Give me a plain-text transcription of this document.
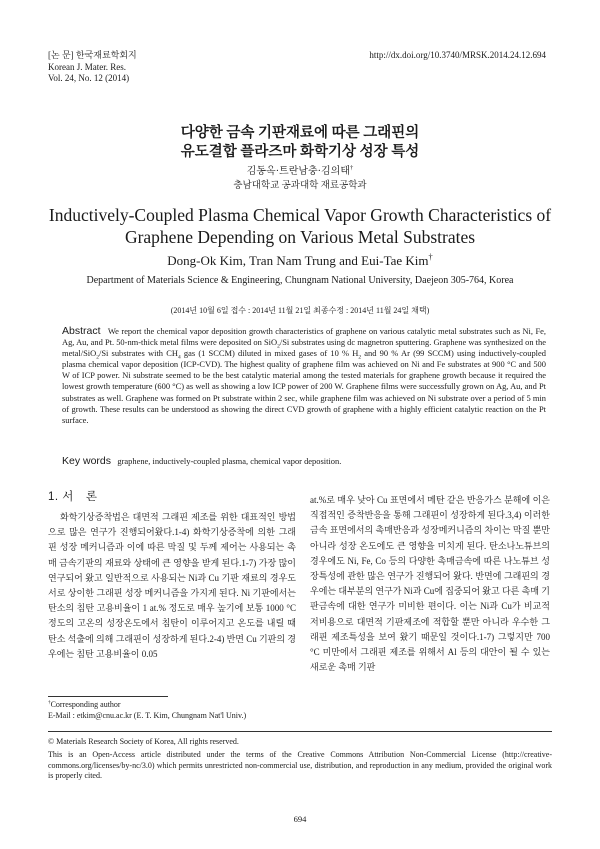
[논 문] 한국재료학회지
Korean J. Mater. Res.
Vol. 24, No. 12 (2014)
http://dx.doi.org/10.3740/MRSK.2014.24.12.694
다양한 금속 기판재료에 따른 그래핀의
유도결합 플라즈마 화학기상 성장 특성
김동옥·트란남충·김의태†
충남대학교 공과대학 재료공학과
Inductively-Coupled Plasma Chemical Vapor Growth Characteristics of
Graphene Depending on Various Metal Substrates
Dong-Ok Kim, Tran Nam Trung and Eui-Tae Kim†
Department of Materials Science & Engineering, Chungnam National University, Daejeon 305-764, Korea
(2014년 10월 6일 접수 : 2014년 11월 21일 최종수정 : 2014년 11월 24일 채택)
Abstract We report the chemical vapor deposition growth characteristics of graphene on various catalytic metal substrates such as Ni, Fe, Ag, Au, and Pt. 50-nm-thick metal films were deposited on SiO$_2$/Si substrates using dc magnetron sputtering. Graphene was synthesized on the metal/SiO$_2$/Si substrates with $CH_4$ gas (1 SCCM) diluted in mixed gases of 10 % $H_2$ and 90 % Ar (99 SCCM) using inductively-coupled plasma chemical vapor deposition (ICP-CVD). The highest quality of graphene film was achieved on Ni and Fe substrates at 900 °C and 500 W of ICP power. Ni substrate seemed to be the best catalytic material among the tested materials for graphene growth because it required the lowest growth temperature (600 °C) as well as showing a low ICP power of 200 W. Graphene films were successfully grown on Ag, Au, and Pt substrates as well. Graphene was formed on Pt substrate within 2 sec, while graphene film was achieved on Ni substrate over a period of 5 min of growth. These results can be understood as showing the direct CVD growth of graphene with a highly efficient catalytic reaction on the Pt surface.
Key words graphene, inductively-coupled plasma, chemical vapor deposition.
1. 서　론

화학기상증착법은 대면적 그래핀 제조를 위한 대표적인 방법으로 많은 연구가 진행되어왔다.1-4) 화학기상증착에 의한 그래핀 성장 메커니즘과 이에 따른 막질 및 두께 제어는 사용되는 촉매 금속기판의 재료와 상태에 큰 영향을 받게 된다.1-7) 가장 많이 연구되어 왔고 일반적으로 사용되는 Ni과 Cu 기판 재료의 경우도 서로 상이한 그래핀 성장 메커니즘을 가지게 된다. Ni 기판에서는 탄소의 침탄 고용비율이 1 at.% 정도로 매우 높기에 보통 1000 °C 정도의 고온의 성장온도에서 침탄이 이루어지고 온도를 내릴 때 탄소 석출에 의해 그래핀이 성장하게 된다.2-4) 반면 Cu 기판의 경우에는 침탄 고용비율이 0.05

at.%로 매우 낮아 Cu 표면에서 메탄 같은 반응가스 분해에 이은 직접적인 증착반응을 통해 그래핀이 성장하게 된다.3,4) 이러한 금속 표면에서의 촉매반응과 성장메커니즘의 차이는 막질 뿐만 아니라 성장 온도에도 큰 영향을 미치게 된다. 탄소나노튜브의 경우에도 Ni, Fe, Co 등의 다양한 촉매금속에 따른 나노튜브 성장특성에 관한 많은 연구가 진행되어 왔다. 반면에 그래핀의 경우에는 대부분의 연구가 Ni과 Cu에 집중되어 왔고 다른 촉매 기판금속에 대한 연구가 미비한 편이다. 이는 Ni과 Cu가 비교적 저비용으로 대면적 기판제조에 적합할 뿐만 아니라 우수한 그래핀 제조특성을 보여 왔기 때문일 것이다.1-7) 그렇지만 700 °C 미만에서 그래핀 제조를 위해서 Al 등의 대안이 될 수 있는 새로운 촉매 기판

†Corresponding author
E-Mail : etkim@cnu.ac.kr (E. T. Kim, Chungnam Nat'l Univ.)
© Materials Research Society of Korea, All rights reserved.
This is an Open-Access article distributed under the terms of the Creative Commons Attribution Non-Commercial License (http://creative-commons.org/licenses/by-nc/3.0) which permits unrestricted non-commercial use, distribution, and reproduction in any medium, provided the original work is properly cited.
694
